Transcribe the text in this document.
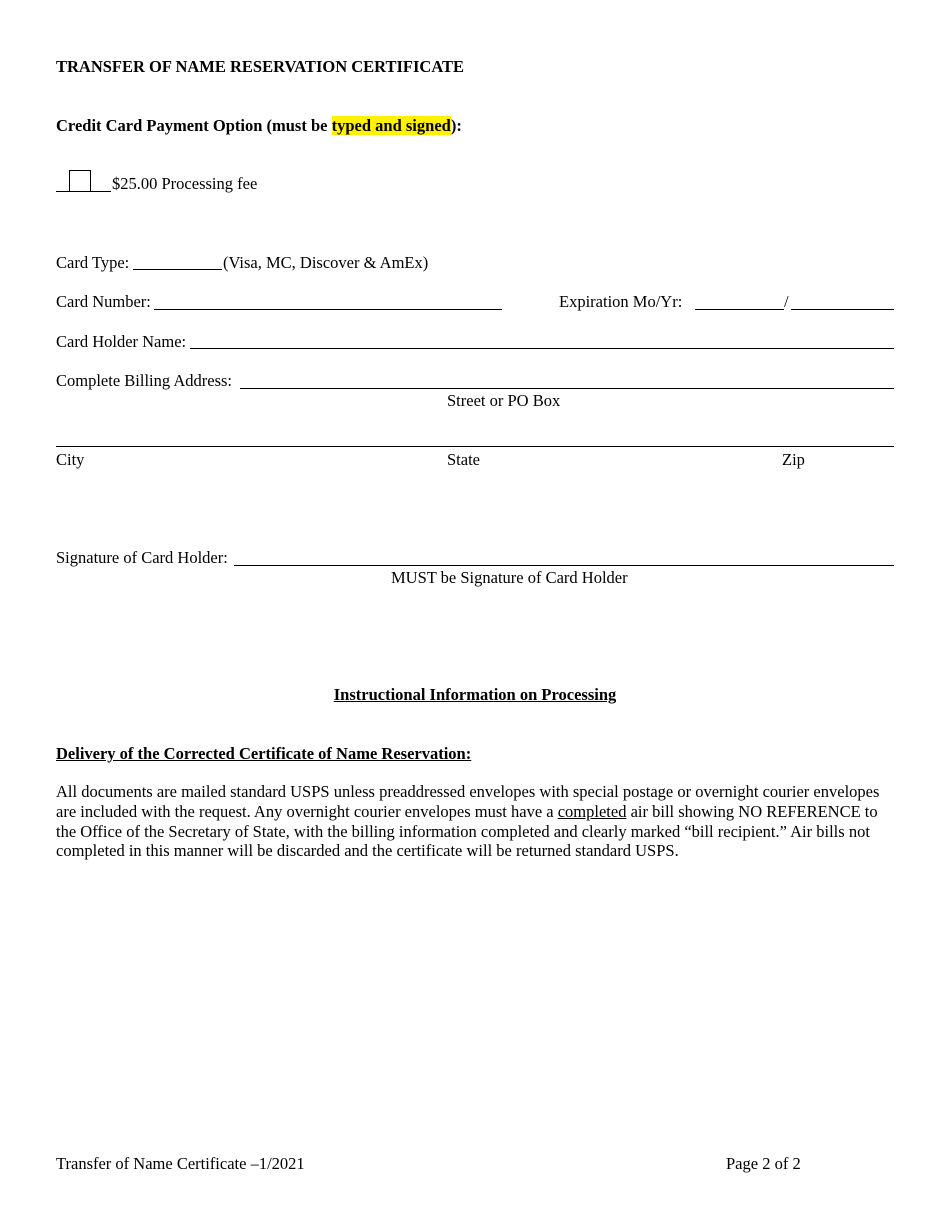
TRANSFER OF NAME RESERVATION CERTIFICATE
Credit Card Payment Option (must be typed and signed):
$25.00 Processing fee
Card Type:	(Visa, MC, Discover & AmEx)
Card Number:	Expiration Mo/Yr:	/
Card Holder Name:
Complete Billing Address:
Street or PO Box
City	State	Zip
Signature of Card Holder:
MUST be Signature of Card Holder
Instructional Information on Processing
Delivery of the Corrected Certificate of Name Reservation:
All documents are mailed standard USPS unless preaddressed envelopes with special postage or overnight courier envelopes are included with the request. Any overnight courier envelopes must have a completed air bill showing NO REFERENCE to the Office of the Secretary of State, with the billing information completed and clearly marked “bill recipient.” Air bills not completed in this manner will be discarded and the certificate will be returned standard USPS.
Transfer of Name Certificate –1/2021	Page 2 of 2
